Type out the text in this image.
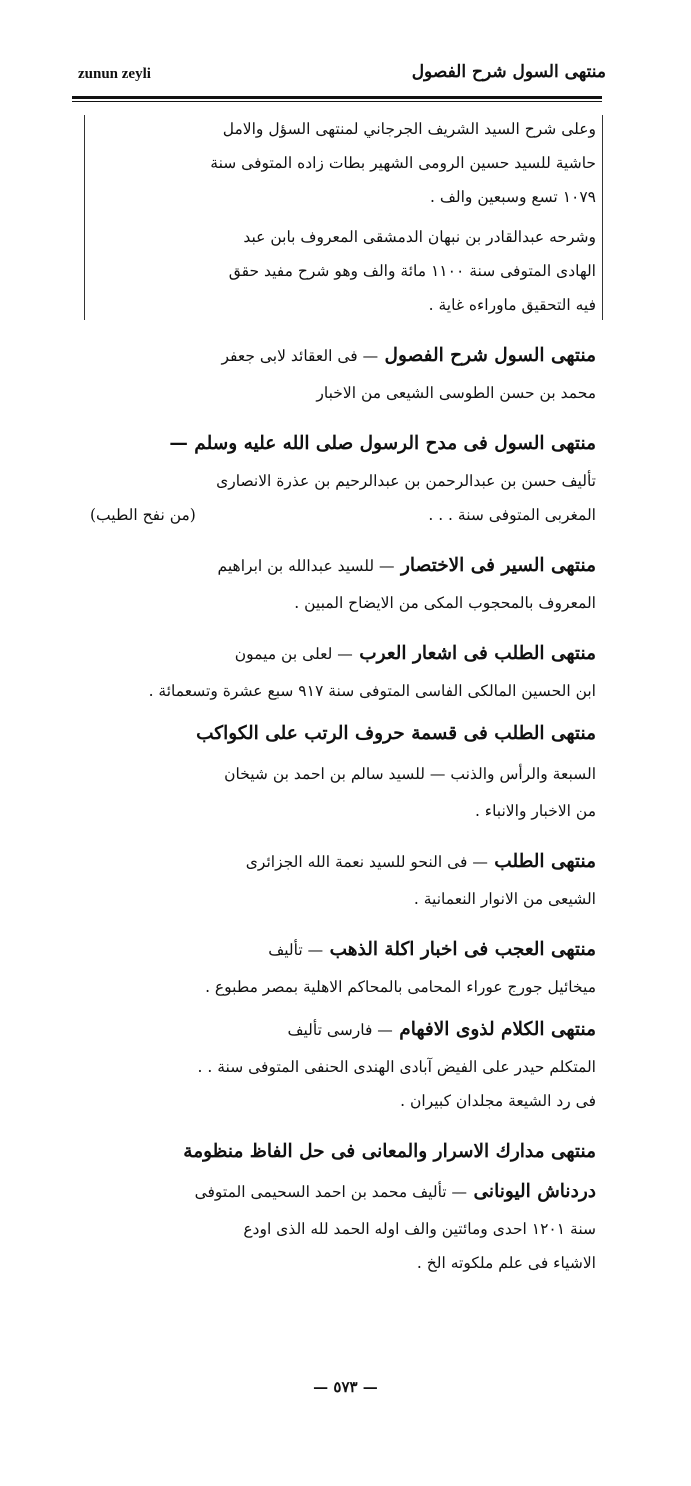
zunun zeyli	منتهى السول شرح الفصول
وعلى شرح السيد الشريف الجرجاني لمنتهى السؤل والامل
حاشية للسيد حسين الرومى الشهير بطات زاده المتوفى سنة
١٠٧٩ تسع وسبعين والف .
وشرحه عبدالقادر بن نبهان الدمشقى المعروف بابن عبد
الهادى المتوفى سنة ١١٠٠ مائة والف وهو شرح مفيد حقق
فيه التحقيق ماوراءه غاية .
منتهى السول شرح الفصول — فى العقائد لابى جعفر
محمد بن حسن الطوسى الشيعى من الاخبار
منتهى السول فى مدح الرسول صلى الله عليه وسلم —
تأليف حسن بن عبدالرحمن بن عبدالرحيم بن عذرة الانصارى
المغربى المتوفى سنة . . .
(من نفح الطيب)
منتهى السير فى الاختصار — للسيد عبدالله بن ابراهيم
المعروف بالمحجوب المكى من الايضاح المبين .
منتهى الطلب فى اشعار العرب — لعلى بن ميمون
ابن الحسين المالكى الفاسى المتوفى سنة ٩١٧ سبع عشرة وتسعمائة .
منتهى الطلب فى قسمة حروف الرتب على الكواكب
السبعة والرأس والذنب — للسيد سالم بن احمد بن شيخان
من الاخبار والانباء .
منتهى الطلب — فى النحو للسيد نعمة الله الجزائرى
الشيعى من الانوار النعمانية .
منتهى العجب فى اخبار اكلة الذهب — تأليف
ميخائيل جورج عوراء المحامى بالمحاكم الاهلية بمصر مطبوع .
منتهى الكلام لذوى الافهام — فارسى تأليف
المتكلم حيدر على الفيض آبادى الهندى الحنفى المتوفى سنة . .
فى رد الشيعة مجلدان كبيران .
منتهى مدارك الاسرار والمعانى فى حل الفاظ منظومة
دردناش اليونانى — تأليف محمد بن احمد السحيمى المتوفى
سنة ١٢٠١ احدى ومائتين والف اوله الحمد لله الذى اودع
الاشياء فى علم ملكوته الخ .
— ٥٧٣ —
